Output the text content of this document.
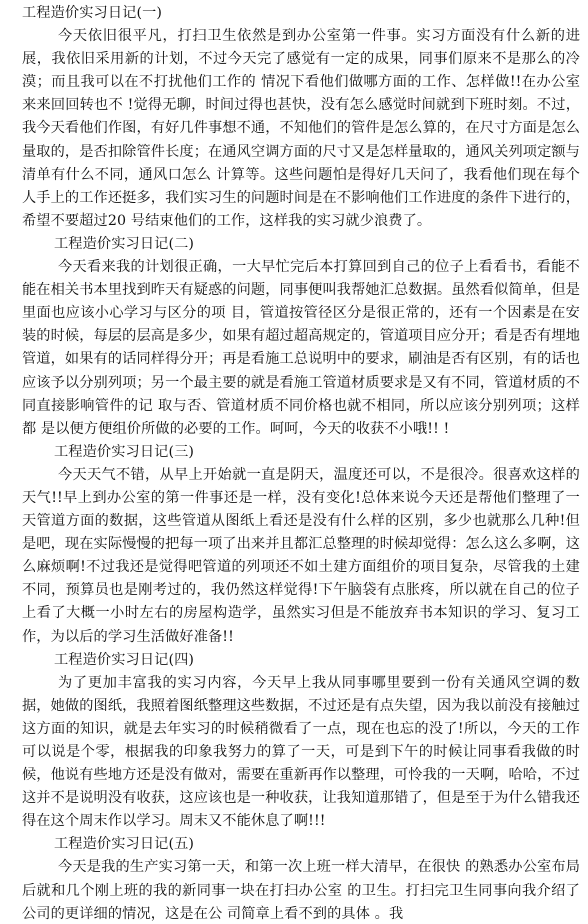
工程造价实习日记(一)
今天依旧很平凡，打扫卫生依然是到办公室第一件事。实习方面没有什么新的进展，我依旧采用新的计划，不过今天完了感觉有一定的成果，同事们原来不是那么的冷漠；而且我可以在不打扰他们工作的 情况下看他们做哪方面的工作、怎样做!!在办公室来来回回转也不 !觉得无聊，时间过得也甚快，没有怎么感觉时间就到下班时刻。不过，我今天看他们作图，有好几件事想不通，不知他们的管件是怎么算的，在尺寸方面是怎么量取的，是否扣除管件长度；在通风空调方面的尺寸又是怎样量取的，通风关列项定额与清单有什么不同，通风口怎么 计算等。这些问题怕是得好几天问了，我看他们现在每个人手上的工作还挺多，我们实习生的问题时间是在不影响他们工作进度的条件下进行的，希望不要超过20 号结束他们的工作，这样我的实习就少浪费了。
工程造价实习日记(二)
今天看来我的计划很正确，一大早忙完后本打算回到自己的位子上看看书，看能不能在相关书本里找到昨天有疑惑的问题，同事便叫我帮她汇总数据。虽然看似简单，但是里面也应该小心学习与区分的项 目，管道按管径区分是很正常的，还有一个因素是在安装的时候，每层的层高是多少，如果有超过超高规定的，管道项目应分开；看是否有埋地管道，如果有的话同样得分开；再是看施工总说明中的要求，刷油是否有区别，有的话也应该予以分别列项；另一个最主要的就是看施工管道材质要求是又有不同，管道材质的不同直接影响管件的记 取与否、管道材质不同价格也就不相同，所以应该分别列项；这样都 是以便方便组价所做的必要的工作。呵呵，今天的收获不小哦!! !
工程造价实习日记(三)
今天天气不错，从早上开始就一直是阴天，温度还可以，不是很冷。很喜欢这样的天气!!早上到办公室的第一件事还是一样，没有变化!总体来说今天还是帮他们整理了一天管道方面的数据，这些管道从图纸上看还是没有什么样的区别，多少也就那么几种!但是吧，现在实际慢慢的把每一项了出来并且都汇总整理的时候却觉得：怎么这么多啊，这么麻烦啊!不过我还是觉得吧管道的列项还不如土建方面组价的项目复杂，尽管我的土建不同，预算员也是刚考过的，我仍然这样觉得!下午脑袋有点胀疼，所以就在自己的位子上看了大概一小时左右的房屋构造学，虽然实习但是不能放弃书本知识的学习、复习工作，为以后的学习生活做好准备!!
工程造价实习日记(四)
为了更加丰富我的实习内容，今天早上我从同事哪里要到一份有关通风空调的数据，她做的图纸，我照着图纸整理这些数据，不过还是有点失望，因为我以前没有接触过这方面的知识，就是去年实习的时候稍微看了一点，现在也忘的没了!所以，今天的工作可以说是个零，根据我的印象我努力的算了一天，可是到下午的时候让同事看我做的时候，他说有些地方还是没有做对，需要在重新再作以整理，可怜我的一天啊，哈哈，不过这并不是说明没有收获，这应该也是一种收获，让我知道那错了，但是至于为什么错我还得在这个周末作以学习。周末又不能休息了啊!!!
工程造价实习日记(五)
今天是我的生产实习第一天，和第一次上班一样大清早，在很快 的熟悉办公室布局后就和几个刚上班的我的新同事一块在打扫办公室 的卫生。打扫完卫生同事向我介绍了公司的更详细的情况，这是在公 司简章上看不到的具体 。我
